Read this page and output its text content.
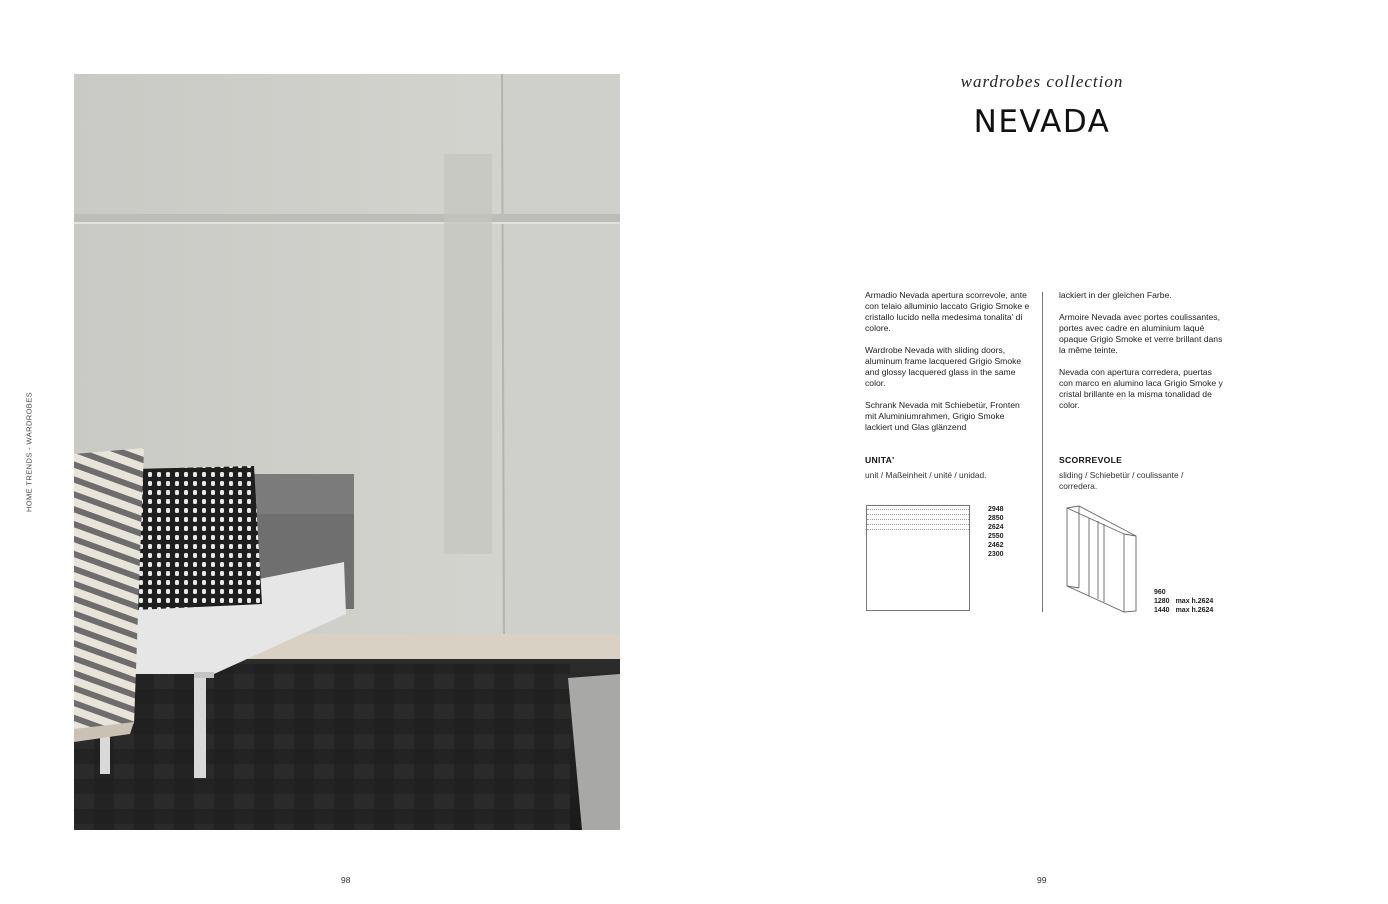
HOME TRENDS - WARDROBES
98	99
wardrobes collection
NEVADA

Armadio Nevada apertura scorrevole, ante con telaio alluminio laccato Grigio Smoke e cristallo lucido nella medesima tonalita' di colore.

Wardrobe Nevada with sliding doors, aluminum frame lacquered Grigio Smoke and glossy lacquered glass in the same color.

Schrank Nevada mit Schiebetür, Fronten mit Aluminiumrahmen, Grigio Smoke lackiert und Glas glänzend

lackiert in der gleichen Farbe.

Armoire Nevada avec portes coulissantes, portes avec cadre en aluminium laqué opaque Grigio Smoke et verre brillant dans la même teinte.

Nevada con apertura corredera, puertas con marco en alumino laca Grigio Smoke y cristal brillante en la misma tonalidad de color.

UNITA'
unit / Maßeinheit / unité / unidad.
2948
2850
2624
2550
2462
2300
SCORREVOLE
sliding / Schiebetür / coulissante / corredera.
960
1280 max h.2624
1440 max h.2624
